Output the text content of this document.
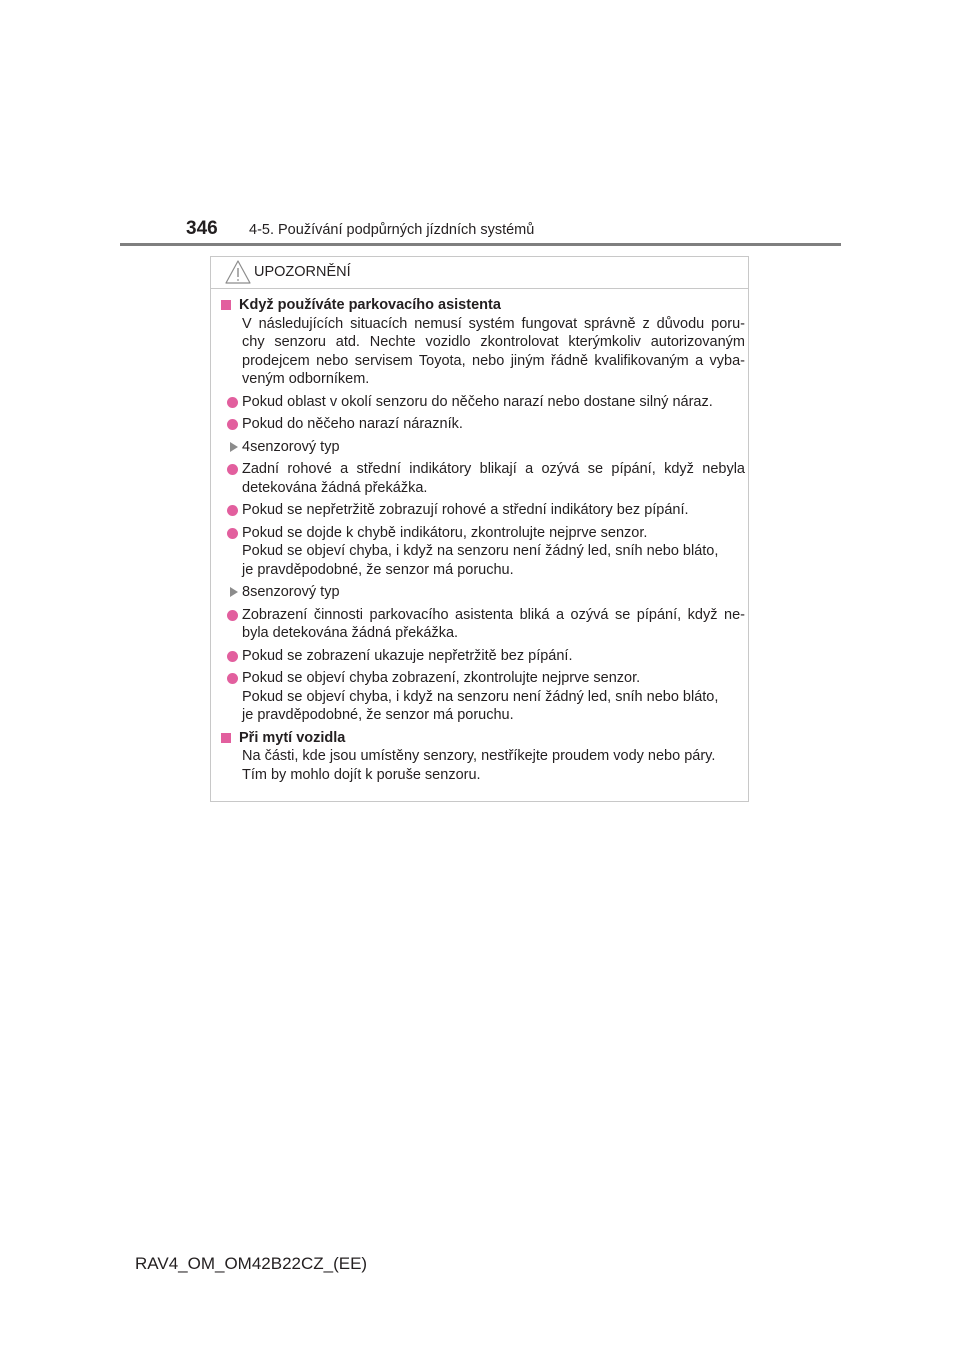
346 4-5. Používání podpůrných jízdních systémů
UPOZORNĚNÍ
Když používáte parkovacího asistenta
V následujících situacích nemusí systém fungovat správně z důvodu poru-
chy senzoru atd. Nechte vozidlo zkontrolovat kterýmkoliv autorizovaným
prodejcem nebo servisem Toyota, nebo jiným řádně kvalifikovaným a vyba-
veným odborníkem.
Pokud oblast v okolí senzoru do něčeho narazí nebo dostane silný náraz.
Pokud do něčeho narazí nárazník.
4senzorový typ
Zadní rohové a střední indikátory blikají a ozývá se pípání, když nebyla
detekována žádná překážka.
Pokud se nepřetržitě zobrazují rohové a střední indikátory bez pípání.
Pokud se dojde k chybě indikátoru, zkontrolujte nejprve senzor.
Pokud se objeví chyba, i když na senzoru není žádný led, sníh nebo bláto,
je pravděpodobné, že senzor má poruchu.
8senzorový typ
Zobrazení činnosti parkovacího asistenta bliká a ozývá se pípání, když ne-
byla detekována žádná překážka.
Pokud se zobrazení ukazuje nepřetržitě bez pípání.
Pokud se objeví chyba zobrazení, zkontrolujte nejprve senzor.
Pokud se objeví chyba, i když na senzoru není žádný led, sníh nebo bláto,
je pravděpodobné, že senzor má poruchu.
Při mytí vozidla
Na části, kde jsou umístěny senzory, nestříkejte proudem vody nebo páry.
Tím by mohlo dojít k poruše senzoru.
RAV4_OM_OM42B22CZ_(EE)
